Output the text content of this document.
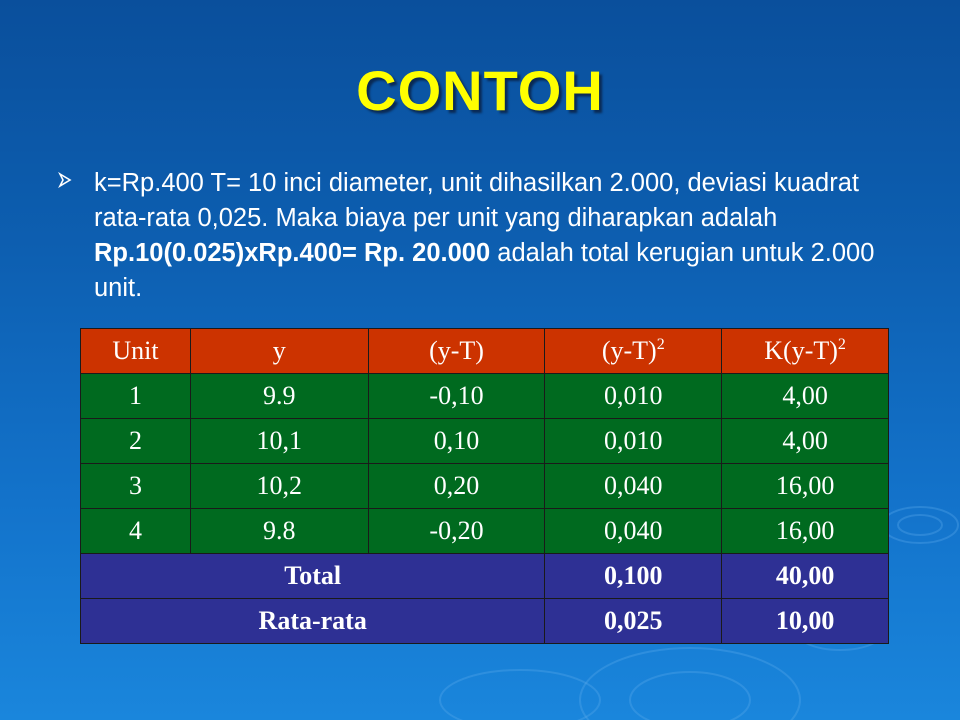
CONTOH
k=Rp.400 T= 10 inci diameter, unit dihasilkan 2.000, deviasi kuadrat rata-rata 0,025. Maka biaya per unit yang diharapkan adalah Rp.10(0.025)xRp.400= Rp. 20.000 adalah total kerugian untuk 2.000 unit.
Unit	y	(y-T)	$(y-T)^2$	$K(y-T)^2$
1	9.9	-0,10	0,010	4,00
2	10,1	0,10	0,010	4,00
3	10,2	0,20	0,040	16,00
4	9.8	-0,20	0,040	16,00
Total			0,100	40,00
Rata-rata			0,025	10,00
